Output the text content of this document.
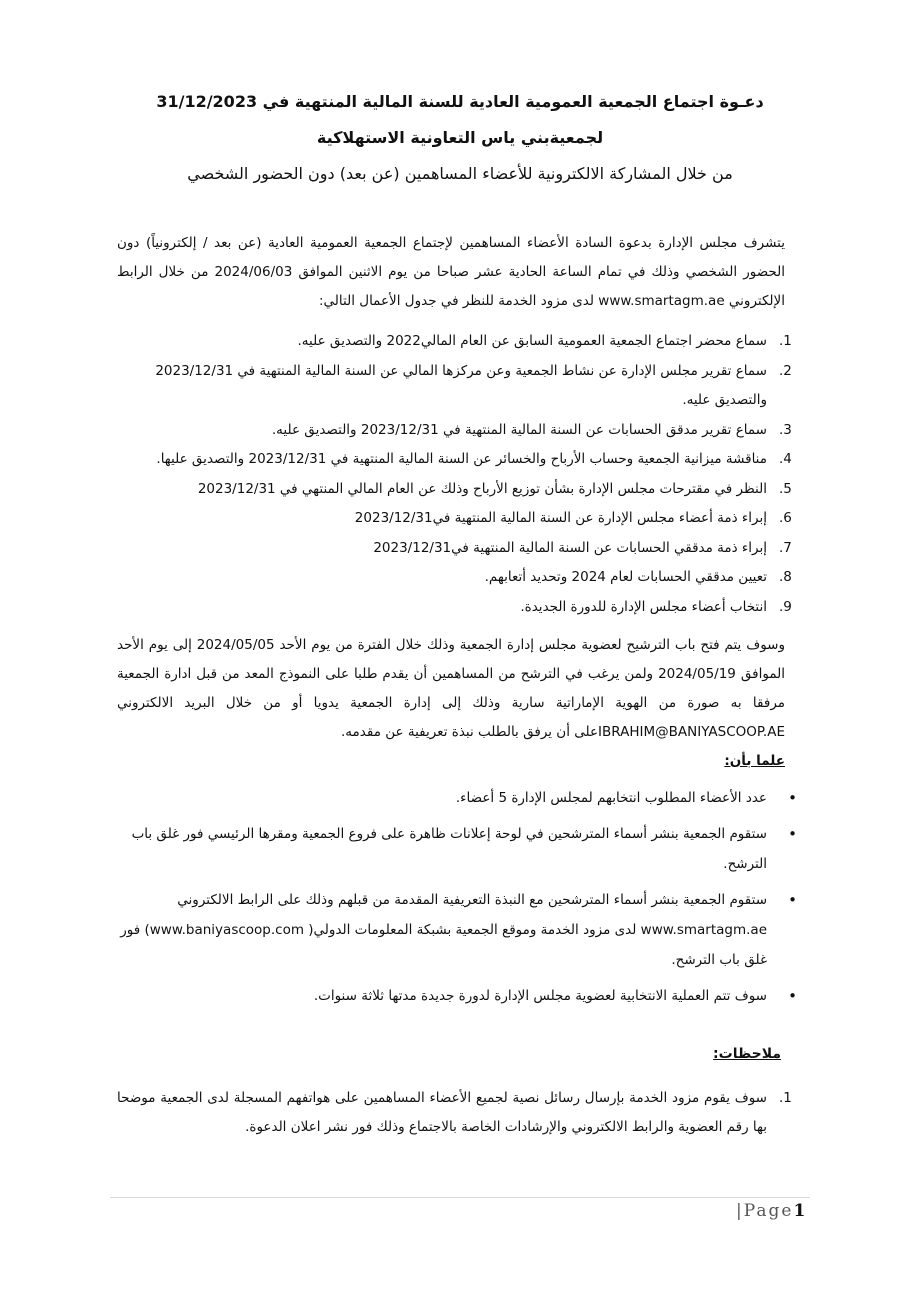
دعـوة اجتماع الجمعية العمومية العادية للسنة المالية المنتهية في 31/12/2023
لجمعيةبني ياس التعاونية الاستهلاكية
من خلال المشاركة الالكترونية للأعضاء المساهمين (عن بعد) دون الحضور الشخصي
يتشرف مجلس الإدارة بدعوة السادة الأعضاء المساهمين لإجتماع الجمعية العمومية العادية (عن بعد / إلكترونياً) دون الحضور الشخصي وذلك في تمام الساعة الحادية عشر صباحا من يوم الاثنين الموافق 2024/06/03 من خلال الرابط الإلكتروني www.smartagm.ae لدى مزود الخدمة للنظر في جدول الأعمال التالي:
1.
سماع محضر اجتماع الجمعية العمومية السابق عن العام المالي2022 والتصديق عليه.
2.
سماع تقرير مجلس الإدارة عن نشاط الجمعية وعن مركزها المالي عن السنة المالية المنتهية في 2023/12/31 والتصديق عليه.
3.
سماع تقرير مدقق الحسابات عن السنة المالية المنتهية في 2023/12/31 والتصديق عليه.
4.
مناقشة ميزانية الجمعية وحساب الأرباح والخسائر عن السنة المالية المنتهية في 2023/12/31 والتصديق عليها.
5.
النظر في مقترحات مجلس الإدارة بشأن توزيع الأرباح وذلك عن العام المالي المنتهي في 2023/12/31
6.
إبراء ذمة أعضاء مجلس الإدارة عن السنة المالية المنتهية في2023/12/31
7.
إبراء ذمة مدققي الحسابات عن السنة المالية المنتهية في2023/12/31
8.
تعيين مدققي الحسابات لعام 2024 وتحديد أتعابهم.
9.
انتخاب أعضاء مجلس الإدارة للدورة الجديدة.
وسوف يتم فتح باب الترشيح لعضوية مجلس إدارة الجمعية وذلك خلال الفترة من يوم الأحد 2024/05/05 إلى يوم الأحد الموافق 2024/05/19 ولمن يرغب في الترشح من المساهمين أن يقدم طلبا على النموذج المعد من قبل ادارة الجمعية مرفقا به صورة من الهوية الإماراتية سارية وذلك إلى إدارة الجمعية يدويا أو من خلال البريد الالكتروني IBRAHIM@BANIYASCOOP.AEعلى أن يرفق بالطلب نبذة تعريفية عن مقدمه.
علما بأن:
• عدد الأعضاء المطلوب انتخابهم لمجلس الإدارة 5 أعضاء.
• ستقوم الجمعية بنشر أسماء المترشحين في لوحة إعلانات ظاهرة على فروع الجمعية ومقرها الرئيسي فور غلق باب الترشح.
• ستقوم الجمعية بنشر أسماء المترشحين مع النبذة التعريفية المقدمة من قبلهم وذلك على الرابط الالكتروني www.smartagm.ae لدى مزود الخدمة وموقع الجمعية بشبكة المعلومات الدولي( www.baniyascoop.com) فور غلق باب الترشح.
• سوف تتم العملية الانتخابية لعضوية مجلس الإدارة لدورة جديدة مدتها ثلاثة سنوات.
ملاحظات:
1.
سوف يقوم مزود الخدمة بإرسال رسائل نصية لجميع الأعضاء المساهمين على هواتفهم المسجلة لدى الجمعية موضحا بها رقم العضوية والرابط الالكتروني والإرشادات الخاصة بالاجتماع وذلك فور نشر اعلان الدعوة.
|Page1
